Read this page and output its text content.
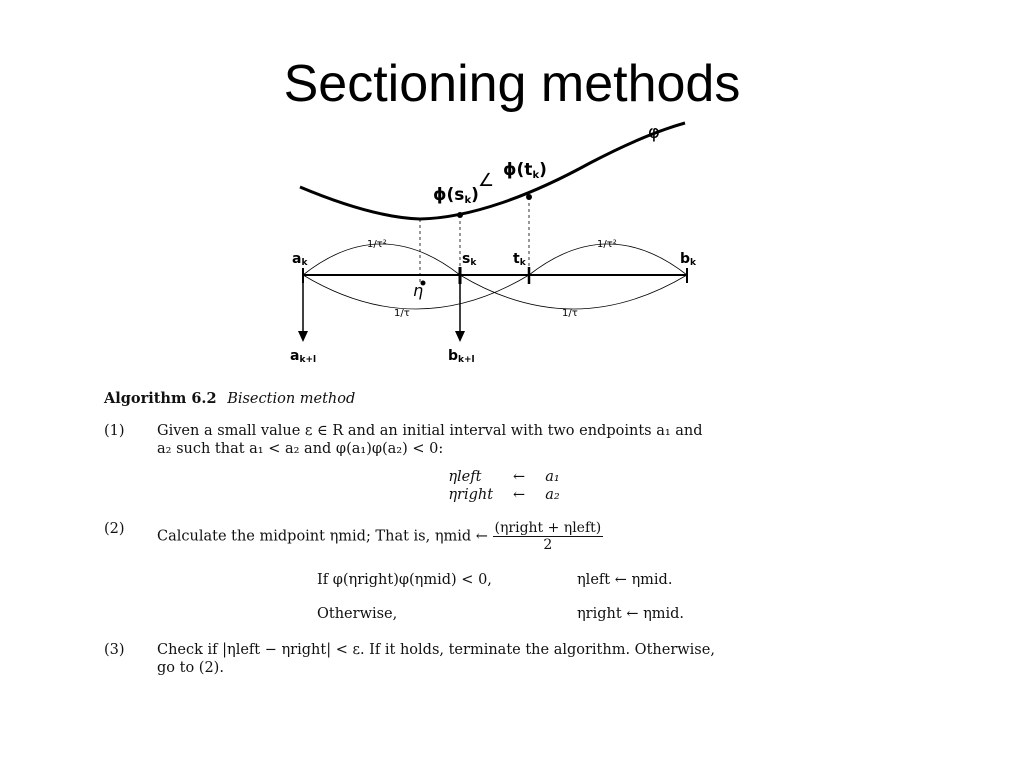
Sectioning methods
φ
ϕ(sk)
∠ ϕ(tk)
ak	sk	tk	bk
η
ak+l	bk+l
1/τ²	1/τ²
1/τ	1/τ
Algorithm 6.2 Bisection method
(1) Given a small value ε ∈ R and an initial interval with two endpoints a₁ and
a₂ such that a₁ < a₂ and φ(a₁)φ(a₂) < 0:
ηleft	← a₁
ηright ← a₂
(2) Calculate the midpoint ηmid; That is, ηmid ← $\frac{\text{(ηright + ηleft)}}{2}$
If φ(ηright)φ(ηmid) < 0,	ηleft ← ηmid.
Otherwise,	ηright ← ηmid.
(3) Check if |ηleft − ηright| < ε. If it holds, terminate the algorithm. Otherwise,
go to (2).
